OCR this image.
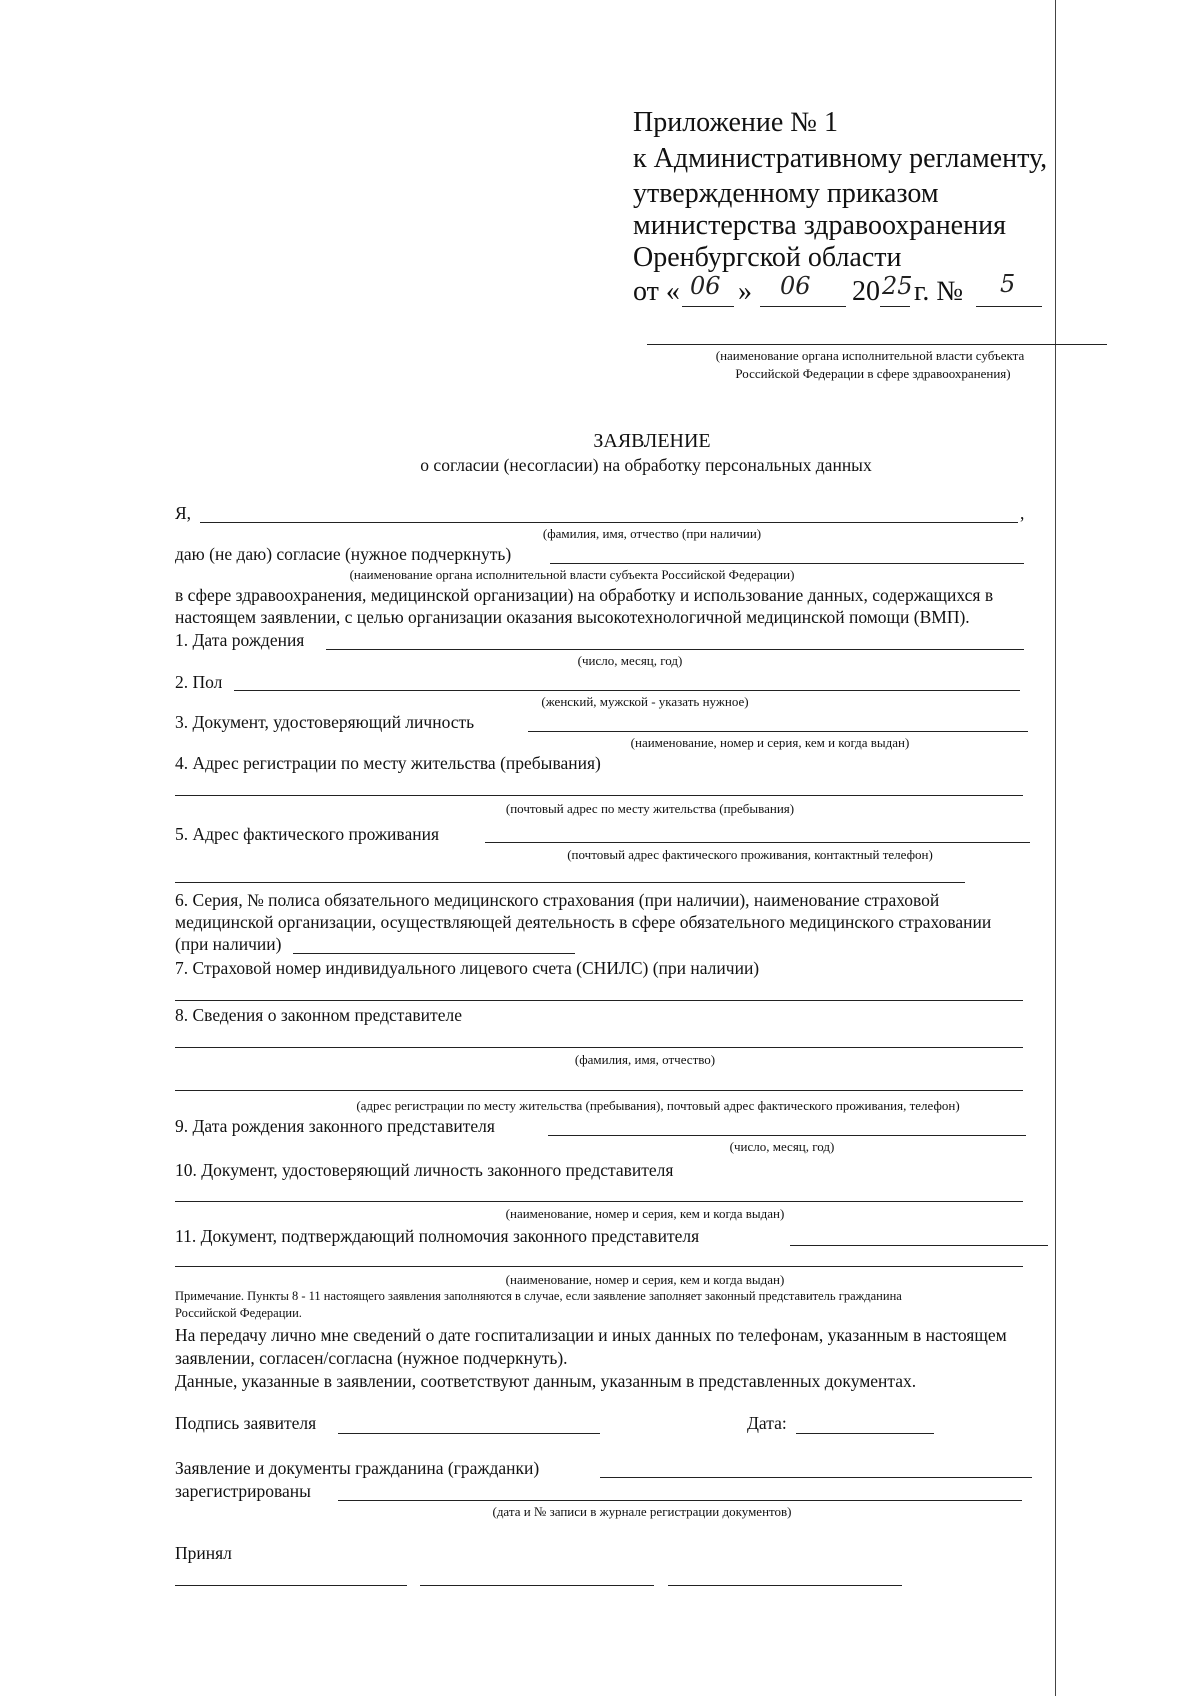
Приложение № 1
к Административному регламенту,
утвержденному приказом
министерства здравоохранения
Оренбургской области
от « 06 » 06 20 25 г. № 5
(наименование органа исполнительной власти субъекта
Российской Федерации в сфере здравоохранения)
ЗАЯВЛЕНИЕ
о согласии (несогласии) на обработку персональных данных
Я,	,
(фамилия, имя, отчество (при наличии)
даю (не даю) согласие (нужное подчеркнуть)
(наименование органа исполнительной власти субъекта Российской Федерации)
в сфере здравоохранения, медицинской организации) на обработку и использование данных, содержащихся в
настоящем заявлении, с целью организации оказания высокотехнологичной медицинской помощи (ВМП).
1. Дата рождения
(число, месяц, год)
2. Пол
(женский, мужской - указать нужное)
3. Документ, удостоверяющий личность
(наименование, номер и серия, кем и когда выдан)
4. Адрес регистрации по месту жительства (пребывания)
(почтовый адрес по месту жительства (пребывания)
5. Адрес фактического проживания
(почтовый адрес фактического проживания, контактный телефон)
6. Серия, № полиса обязательного медицинского страхования (при наличии), наименование страховой
медицинской организации, осуществляющей деятельность в сфере обязательного медицинского страховании
(при наличии)
7. Страховой номер индивидуального лицевого счета (СНИЛС) (при наличии)
8. Сведения о законном представителе
(фамилия, имя, отчество)
(адрес регистрации по месту жительства (пребывания), почтовый адрес фактического проживания, телефон)
9. Дата рождения законного представителя
(число, месяц, год)
10. Документ, удостоверяющий личность законного представителя
(наименование, номер и серия, кем и когда выдан)
11. Документ, подтверждающий полномочия законного представителя
(наименование, номер и серия, кем и когда выдан)
Примечание. Пункты 8 - 11 настоящего заявления заполняются в случае, если заявление заполняет законный представитель гражданина
Российской Федерации.
На передачу лично мне сведений о дате госпитализации и иных данных по телефонам, указанным в настоящем
заявлении, согласен/согласна (нужное подчеркнуть).
Данные, указанные в заявлении, соответствуют данным, указанным в представленных документах.
Подпись заявителя	Дата:
Заявление и документы гражданина (гражданки)
зарегистрированы
(дата и № записи в журнале регистрации документов)
Принял
